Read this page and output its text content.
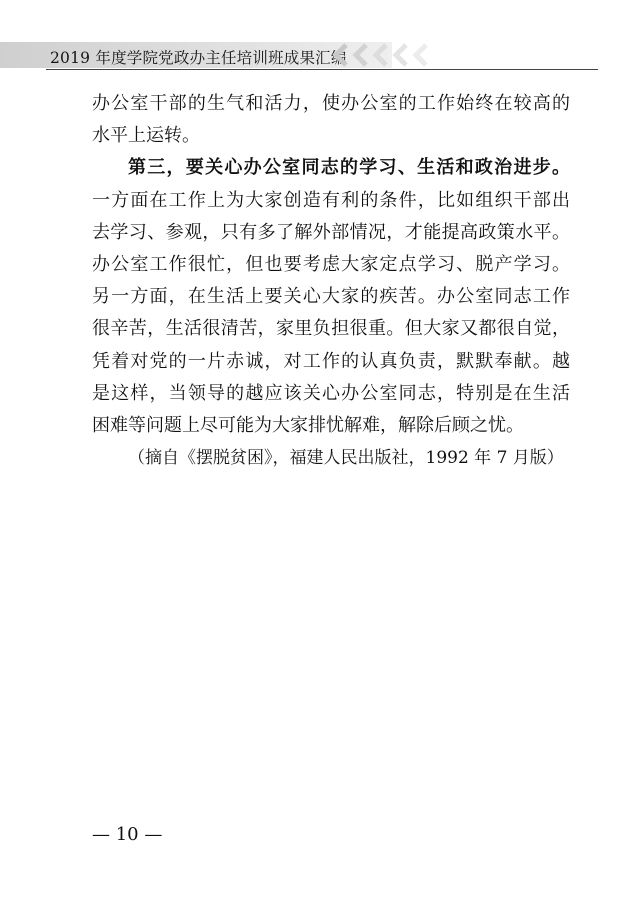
2019 年度学院党政办主任培训班成果汇编
办公室干部的生气和活力，使办公室的工作始终在较高的
水平上运转。
第三，要关心办公室同志的学习、生活和政治进步。
一方面在工作上为大家创造有利的条件，比如组织干部出
去学习、参观，只有多了解外部情况，才能提高政策水平。
办公室工作很忙，但也要考虑大家定点学习、脱产学习。
另一方面，在生活上要关心大家的疾苦。办公室同志工作
很辛苦，生活很清苦，家里负担很重。但大家又都很自觉，
凭着对党的一片赤诚，对工作的认真负责，默默奉献。越
是这样，当领导的越应该关心办公室同志，特别是在生活
困难等问题上尽可能为大家排忧解难，解除后顾之忧。
（摘自《摆脱贫困》，福建人民出版社，1992 年 7 月版）
— 10 —
